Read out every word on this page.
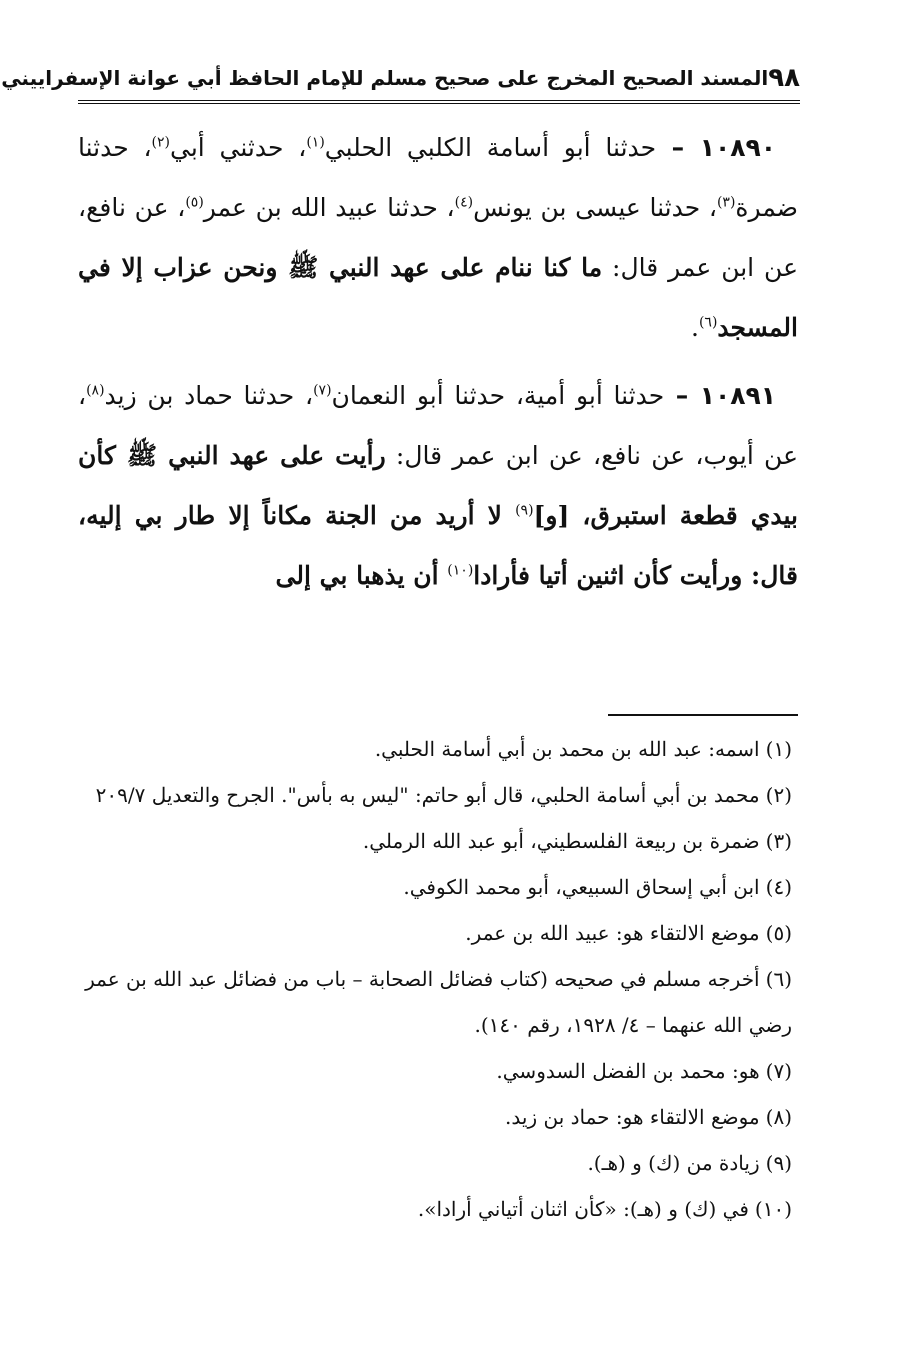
٩٨
المسند الصحيح المخرج على صحيح مسلم للإمام الحافظ أبي عوانة الإسفراييني

١٠٨٩٠ – حدثنا أبو أسامة الكلبي الحلبي$^{(١)}$، حدثني أبي$^{(٢)}$، حدثنا ضمرة$^{(٣)}$، حدثنا عيسى بن يونس$^{(٤)}$، حدثنا عبيد الله بن عمر$^{(٥)}$، عن نافع، عن ابن عمر قال: ما كنا ننام على عهد النبي ﷺ ونحن عزاب إلا في المسجد$^{(٦)}$.

١٠٨٩١ – حدثنا أبو أمية، حدثنا أبو النعمان$^{(٧)}$، حدثنا حماد بن زيد$^{(٨)}$، عن أيوب، عن نافع، عن ابن عمر قال: رأيت على عهد النبي ﷺ كأن بيدي قطعة استبرق، [و]$^{(٩)}$ لا أريد من الجنة مكاناً إلا طار بي إليه، قال: ورأيت كأن اثنين أتيا فأرادا$^{(١٠)}$ أن يذهبا بي إلى

(١)اسمه: عبد الله بن محمد بن أبي أسامة الحلبي.

(٢)محمد بن أبي أسامة الحلبي، قال أبو حاتم: "ليس به بأس". الجرح والتعديل ٢٠٩/٧

(٣)ضمرة بن ربيعة الفلسطيني، أبو عبد الله الرملي.

(٤)ابن أبي إسحاق السبيعي، أبو محمد الكوفي.

(٥)موضع الالتقاء هو: عبيد الله بن عمر.

(٦)أخرجه مسلم في صحيحه (كتاب فضائل الصحابة – باب من فضائل عبد الله بن عمر رضي الله عنهما – ٤/ ١٩٢٨، رقم ١٤٠).

(٧)هو: محمد بن الفضل السدوسي.

(٨)موضع الالتقاء هو: حماد بن زيد.

(٩)زيادة من (ك) و (هـ).

(١٠)في (ك) و (هـ): «كأن اثنان أتياني أرادا».
